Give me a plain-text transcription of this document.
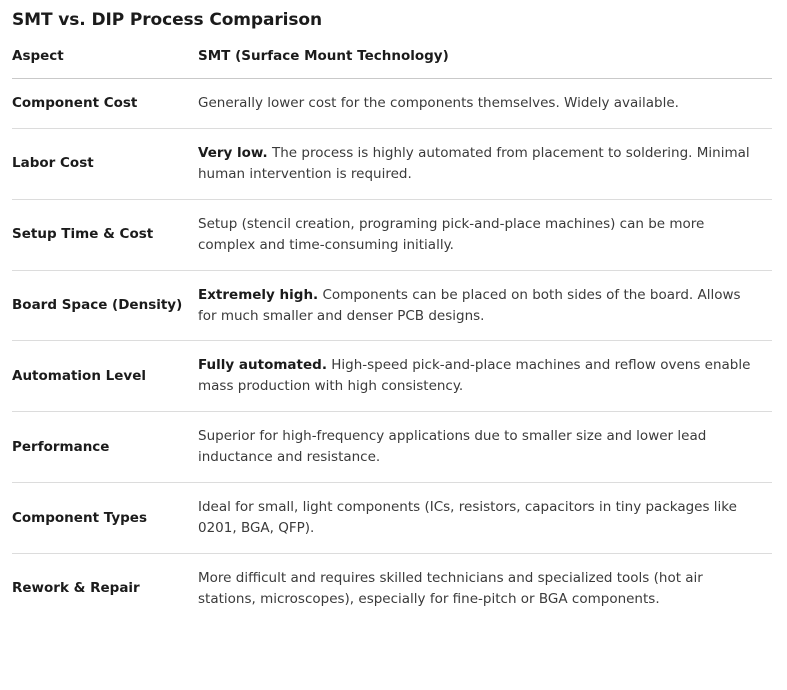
SMT vs. DIP Process Comparison
Aspect	SMT (Surface Mount Technology)
Component Cost	Generally lower cost for the components themselves. Widely available.
Labor Cost	Very low. The process is highly automated from placement to soldering. Minimal human intervention is required.
Setup Time & Cost	Setup (stencil creation, programing pick-and-place machines) can be more complex and time-consuming initially.
Board Space (Density)	Extremely high. Components can be placed on both sides of the board. Allows for much smaller and denser PCB designs.
Automation Level	Fully automated. High-speed pick-and-place machines and reflow ovens enable mass production with high consistency.
Performance	Superior for high-frequency applications due to smaller size and lower lead inductance and resistance.
Component Types	Ideal for small, light components (ICs, resistors, capacitors in tiny packages like 0201, BGA, QFP).
Rework & Repair	More difficult and requires skilled technicians and specialized tools (hot air stations, microscopes), especially for fine-pitch or BGA components.
